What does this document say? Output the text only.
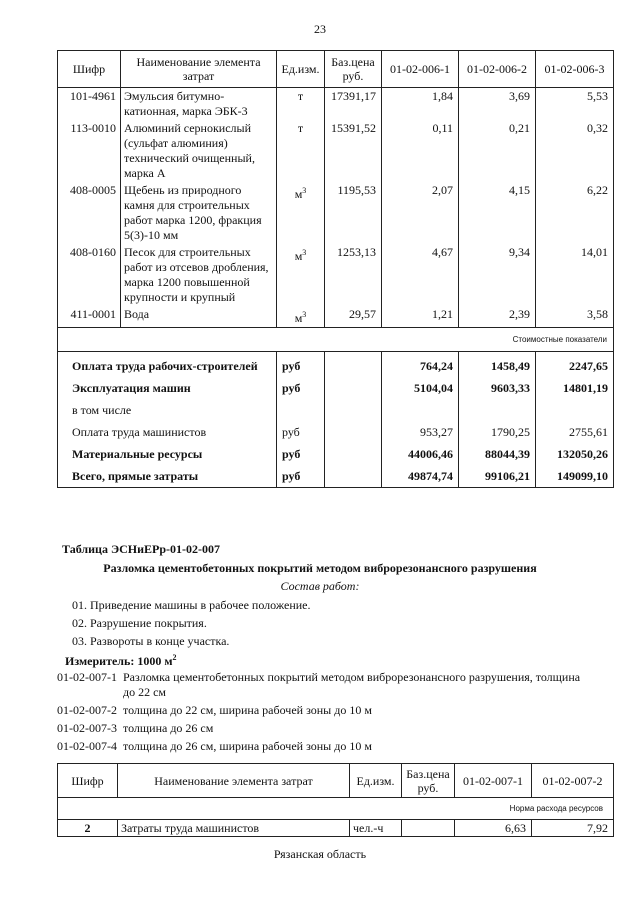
23
Шифр	Наименование элемента затрат	Ед.изм.	Баз.цена руб.	01-02-006-1	01-02-006-2	01-02-006-3
101-4961	Эмульсия битумно-катионная, марка ЭБК-3	т	17391,17	1,84	3,69	5,53
113-0010	Алюминий сернокислый (сульфат алюминия) технический очищенный, марка А	т	15391,52	0,11	0,21	0,32
408-0005	Щебень из природного камня для строительных работ марка 1200, фракция 5(3)-10 мм	$м^3$	1195,53	2,07	4,15	6,22
408-0160	Песок для строительных работ из отсевов дробления, марка 1200 повышенной крупности и крупный	$м^3$	1253,13	4,67	9,34	14,01
411-0001	Вода	$м^3$	29,57	1,21	2,39	3,58
Стоимостные показатели						
Оплата труда рабочих-строителей		руб		764,24	1458,49	2247,65
Эксплуатация машин		руб		5104,04	9603,33	14801,19
в том числе						
Оплата труда машинистов		руб		953,27	1790,25	2755,61
Материальные ресурсы		руб		44006,46	88044,39	132050,26
Всего, прямые затраты		руб		49874,74	99106,21	149099,10
Таблица ЭСНиЕРр-01-02-007
Разломка цементобетонных покрытий методом виброрезонансного разрушения
Состав работ:
01. Приведение машины в рабочее положение.
02. Разрушение покрытия.
03. Развороты в конце участка.
Измеритель: 1000 $м^2$
01-02-007-1 Разломка цементобетонных покрытий методом виброрезонансного разрушения, толщина до 22 см
01-02-007-2 толщина до 22 см, ширина рабочей зоны до 10 м
01-02-007-3 толщина до 26 см
01-02-007-4 толщина до 26 см, ширина рабочей зоны до 10 м
Шифр	Наименование элемента затрат	Ед.изм.	Баз.цена руб.	01-02-007-1	01-02-007-2
Норма расхода ресурсов					
2	Затраты труда машинистов	чел.-ч		6,63	7,92
Рязанская область
